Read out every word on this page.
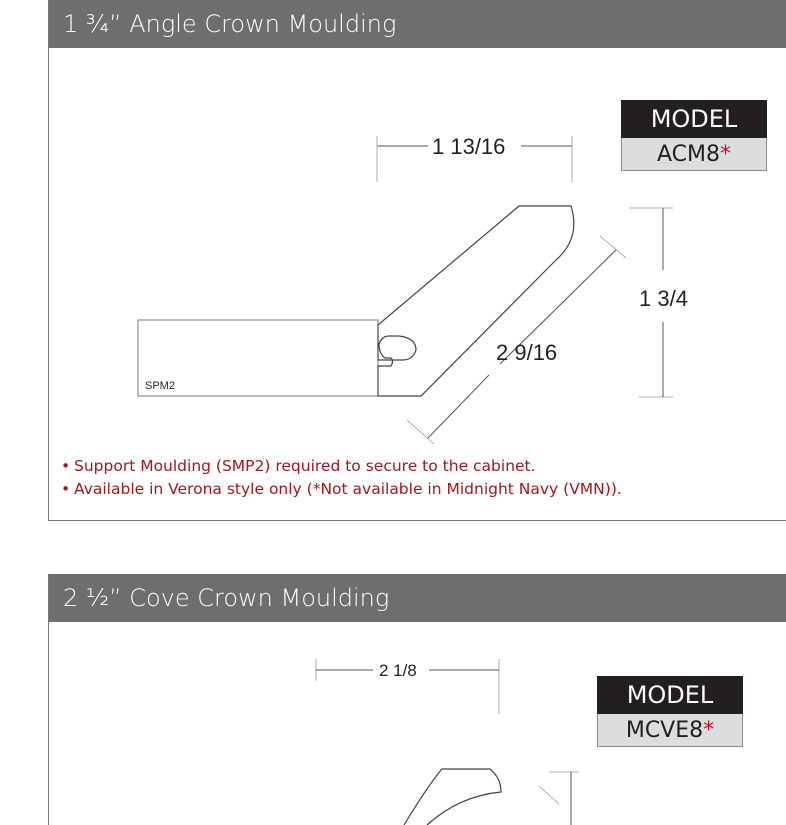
1 ¾” Angle Crown Moulding
1 13/16
1 3/4
2 9/16
SPM2
MODEL
ACM8*
• Support Moulding (SMP2) required to secure to the cabinet.
• Available in Verona style only (*Not available in Midnight Navy (VMN)).
2 ½” Cove Crown Moulding
2 1/8
MODEL
MCVE8*
